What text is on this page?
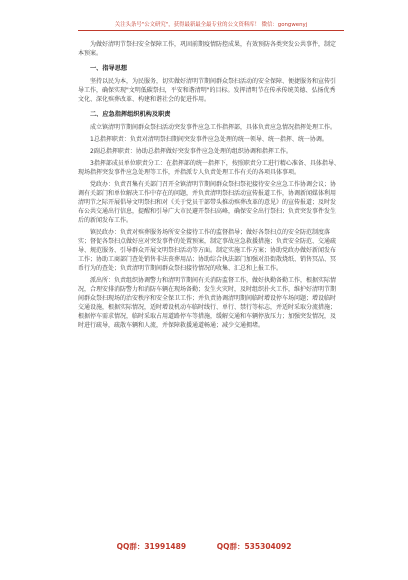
关注头条号"公文研究"，获得最新最全最专业的公文资料库！ 微信：gongwenyj

为做好清明节祭扫安全保障工作，巩固前期疫情防控成果，有效预防各类突发公共事件，制定本预案。

一、指导思想

坚持以民为本，为民服务，切实做好清明节期间群众祭扫活动的安全保障、便捷服务和宣传引导工作，确保实现"文明低碳祭扫，平安和谐清明"的目标。发挥清明节在传承传统美德、弘扬优秀文化、深化殡葬改革、构建和谐社会的促进作用。

二、应急指挥组织机构及职责

成立镇清明节期间群众祭扫活动突发事件应急工作指挥部，具体负责应急情况指挥处理工作。

1总指挥职责：负责对清明祭扫期间突发事件应急处理的统一领导、统一指挥、统一协调。

2副总指挥职责：协助总指挥做好突发事件应急处理的组织协调和指挥工作。

3指挥部成员单位职责分工：在指挥部的统一指挥下，按照职责分工进行精心准备、具体指导、现场指挥突发事件应急处理等工作，并指派专人负责处理工作有关的各项具体事项。

党政办：负责召集有关部门召开全镇清明节期间群众祭扫祭祀接待安全应急工作协调会议；协调有关部门和单位解决工作中存在的问题，并负责清明祭扫活动宣传报道工作，协调新闻媒体利用清明节之际开展倡导文明祭扫和对《关于党员干部带头推动殡葬改革的意见》的宣传报道；及时发布公共交通出行信息，提醒和引导广大市民避开祭扫高峰，确保安全出行祭扫；负责突发事件发生后的新闻发布工作。

镇民政办：负责对殡葬服务场所安全接待工作的监督指导；做好各祭扫点的安全防范制度落实；督促各祭扫点做好应对突发事件的处置预案，制定事故应急救援措施；负责安全防范、交通疏导、规范服务、引导群众开展文明祭扫活动等方面。制定实施工作方案；协助党政办做好新闻发布工作；协助工商部门查处销售非法丧葬用品；协助综合执法部门加强对沿街散烧纸、销售冥品、冥币行为的查处；负责清明节期间群众祭扫接待情况的收集、汇总和上报工作。

派出所：负责组织协调警力和清明节期间有关消防监督工作，做好执勤备勤工作，根据实际情况，合理安排消防警力和消防车辆在现场备勤；发生火灾时，及时组织扑火工作，维护好清明节期间群众祭扫现场的治安秩序和安全保卫工作；并负责协调清明期间临时增设停车场问题；增设临时交通设施，根据实际情况，适时增设机动车临时线行、单行、禁行等标志，并适时采取分流措施；根据停车需求情况，临时采取占用道路停车等措施，缓解交通和车辆停放压力；加强突发情况，及时进行疏导，疏散车辆和人流，并保障救援通道畅通；减少交通拥堵。

QQ群：31991489	QQ群：535304092
